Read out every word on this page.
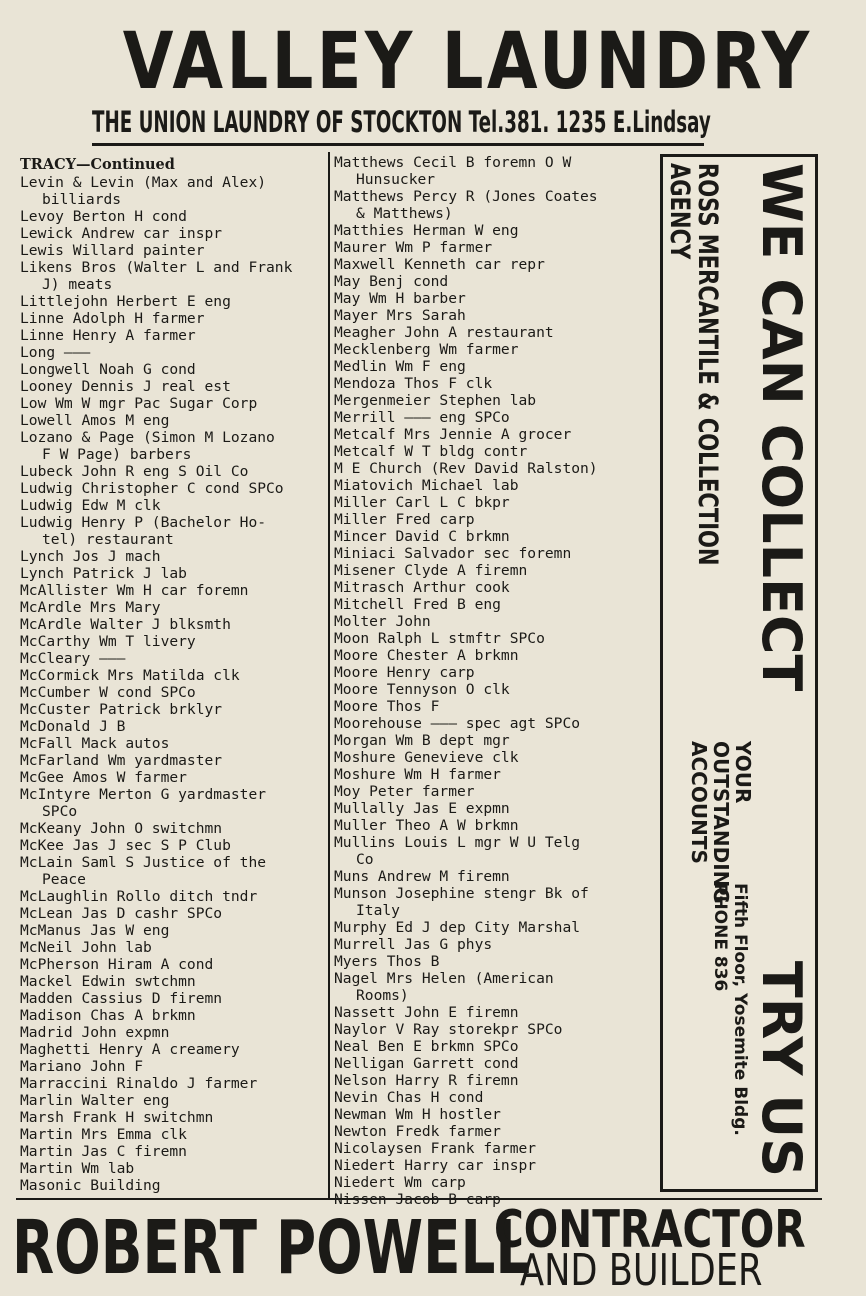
VALLEY LAUNDRY
THE UNION LAUNDRY OF STOCKTON Tel.381. 1235 E.Lindsay
TRACY—Continued
Levin & Levin (Max and Alex)
billiards
Levoy Berton H cond
Lewick Andrew car inspr
Lewis Willard painter
Likens Bros (Walter L and Frank
J) meats
Littlejohn Herbert E eng
Linne Adolph H farmer
Linne Henry A farmer
Long ———
Longwell Noah G cond
Looney Dennis J real est
Low Wm W mgr Pac Sugar Corp
Lowell Amos M eng
Lozano & Page (Simon M Lozano
F W Page) barbers
Lubeck John R eng S Oil Co
Ludwig Christopher C cond SPCo
Ludwig Edw M clk
Ludwig Henry P (Bachelor Ho-
tel) restaurant
Lynch Jos J mach
Lynch Patrick J lab
McAllister Wm H car foremn
McArdle Mrs Mary
McArdle Walter J blksmth
McCarthy Wm T livery
McCleary ———
McCormick Mrs Matilda clk
McCumber W cond SPCo
McCuster Patrick brklyr
McDonald J B
McFall Mack autos
McFarland Wm yardmaster
McGee Amos W farmer
McIntyre Merton G yardmaster
SPCo
McKeany John O switchmn
McKee Jas J sec S P Club
McLain Saml S Justice of the
Peace
McLaughlin Rollo ditch tndr
McLean Jas D cashr SPCo
McManus Jas W eng
McNeil John lab
McPherson Hiram A cond
Mackel Edwin swtchmn
Madden Cassius D firemn
Madison Chas A brkmn
Madrid John expmn
Maghetti Henry A creamery
Mariano John F
Marraccini Rinaldo J farmer
Marlin Walter eng
Marsh Frank H switchmn
Martin Mrs Emma clk
Martin Jas C firemn
Martin Wm lab
Masonic Building
Matthews Cecil B foremn O W
Hunsucker
Matthews Percy R (Jones Coates
& Matthews)
Matthies Herman W eng
Maurer Wm P farmer
Maxwell Kenneth car repr
May Benj cond
May Wm H barber
Mayer Mrs Sarah
Meagher John A restaurant
Mecklenberg Wm farmer
Medlin Wm F eng
Mendoza Thos F clk
Mergenmeier Stephen lab
Merrill ——— eng SPCo
Metcalf Mrs Jennie A grocer
Metcalf W T bldg contr
M E Church (Rev David Ralston)
Miatovich Michael lab
Miller Carl L C bkpr
Miller Fred carp
Mincer David C brkmn
Miniaci Salvador sec foremn
Misener Clyde A firemn
Mitrasch Arthur cook
Mitchell Fred B eng
Molter John
Moon Ralph L stmftr SPCo
Moore Chester A brkmn
Moore Henry carp
Moore Tennyson O clk
Moore Thos F
Moorehouse ——— spec agt SPCo
Morgan Wm B dept mgr
Moshure Genevieve clk
Moshure Wm H farmer
Moy Peter farmer
Mullally Jas E expmn
Muller Theo A W brkmn
Mullins Louis L mgr W U Telg
Co
Muns Andrew M firemn
Munson Josephine stengr Bk of
Italy
Murphy Ed J dep City Marshal
Murrell Jas G phys
Myers Thos B
Nagel Mrs Helen (American
Rooms)
Nassett John E firemn
Naylor V Ray storekpr SPCo
Neal Ben E brkmn SPCo
Nelligan Garrett cond
Nelson Harry R firemn
Nevin Chas H cond
Newman Wm H hostler
Newton Fredk farmer
Nicolaysen Frank farmer
Niedert Harry car inspr
Niedert Wm carp
WE CAN COLLECT
TRY US
YOUR OUTSTANDING ACCOUNTS
Fifth Floor, Yosemite Bldg.
PHONE 836
ROSS MERCANTILE & COLLECTION
AGENCY
ROBERT POWELL
CONTRACTOR
AND BUILDER
